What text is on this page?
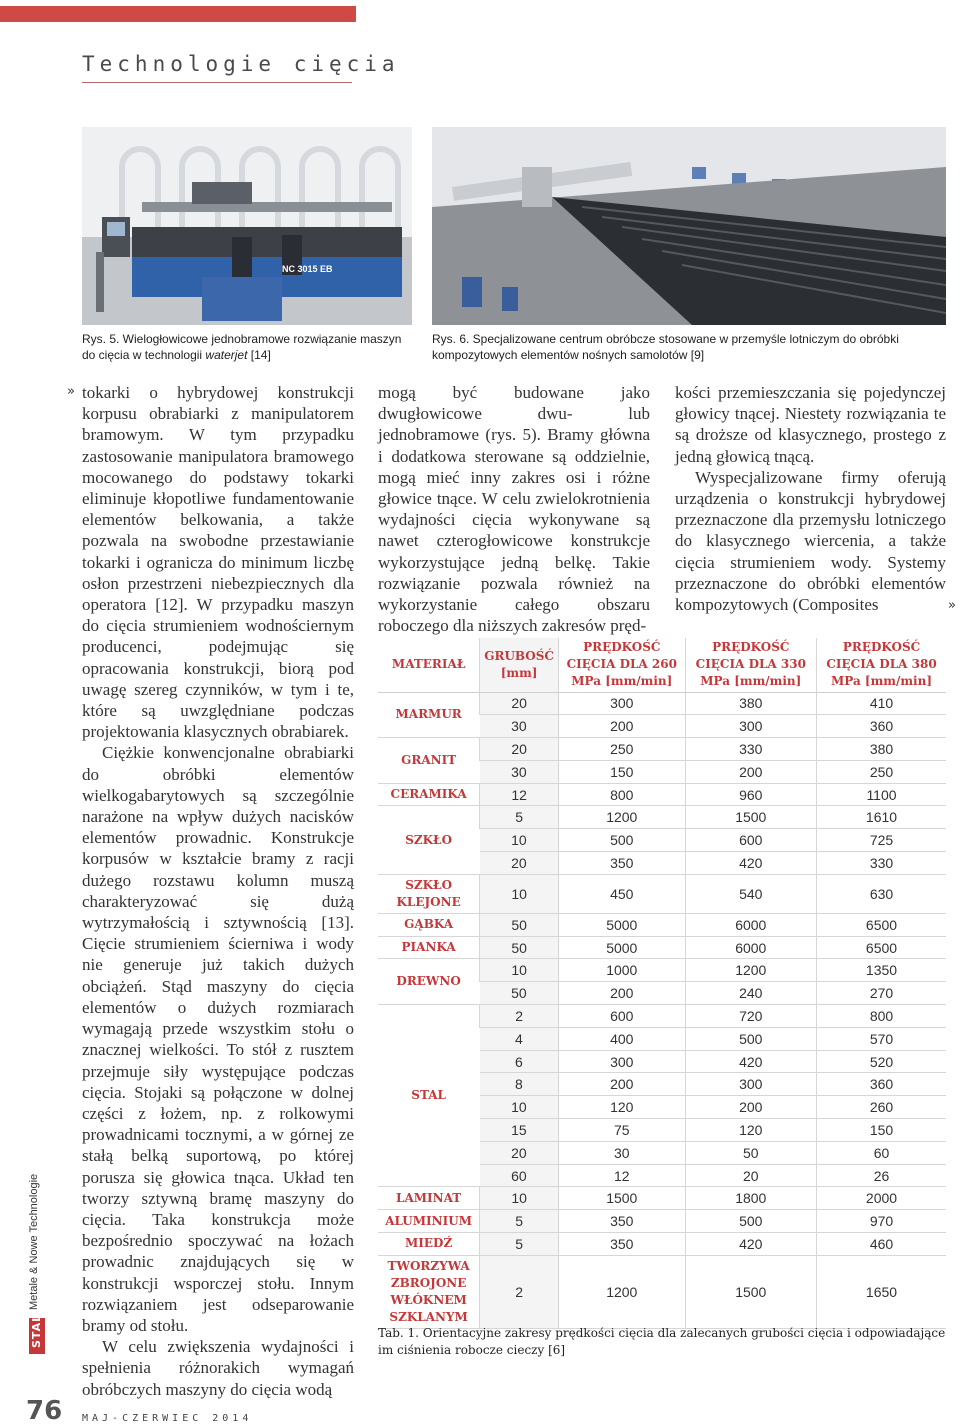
Technologie cięcia
NC 3015 EB
Rys. 5. Wielogłowicowe jednobramowe rozwiązanie maszyn do cięcia w technologii waterjet [14]
Rys. 6. Specjalizowane centrum obróbcze stosowane w przemyśle lotniczym do obróbki kompozytowych elementów nośnych samolotów [9]
» tokarki o hybrydowej konstrukcji korpusu obrabiarki z manipulatorem bramowym. W tym przypadku zastosowanie manipulatora bramowego mocowanego do podstawy tokarki eliminuje kłopotliwe fundamentowanie elementów belkowania, a także pozwala na swobodne przestawianie tokarki i ogranicza do minimum liczbę osłon przestrzeni niebezpiecznych dla operatora [12]. W przypadku maszyn do cięcia strumieniem wodnościernym producenci, podejmując się opracowania konstrukcji, biorą pod uwagę szereg czynników, w tym i te, które są uwzględniane podczas projektowania klasycznych obrabiarek.

Ciężkie konwencjonalne obrabiarki do obróbki elementów wielkogabarytowych są szczególnie narażone na wpływ dużych nacisków elementów prowadnic. Konstrukcje korpusów w kształcie bramy z racji dużego rozstawu kolumn muszą charakteryzować się dużą wytrzymałością i sztywnością [13]. Cięcie strumieniem ścierniwa i wody nie generuje już takich dużych obciążeń. Stąd maszyny do cięcia elementów o dużych rozmiarach wymagają przede wszystkim stołu o znacznej wielkości. To stół z rusztem przejmuje siły występujące podczas cięcia. Stojaki są połączone w dolnej części z łożem, np. z rolkowymi prowadnicami tocznymi, a w górnej ze stałą belką suportową, po której porusza się głowica tnąca. Układ ten tworzy sztywną bramę maszyny do cięcia. Taka konstrukcja może bezpośrednio spoczywać na łożach prowadnic znajdujących się w konstrukcji wsporczej stołu. Innym rozwiązaniem jest odseparowanie bramy od stołu.

W celu zwiększenia wydajności i spełnienia różnorakich wymagań obróbczych maszyny do cięcia wodą

mogą być budowane jako dwugłowicowe dwu- lub jednobramowe (rys. 5). Bramy główna i dodatkowa sterowane są oddzielnie, mogą mieć inny zakres osi i różne głowice tnące. W celu zwielokrotnienia wydajności cięcia wykonywane są nawet czterogłowicowe konstrukcje wykorzystujące jedną belkę. Takie rozwiązanie pozwala również na wykorzystanie całego obszaru roboczego dla niższych zakresów pręd-

kości przemieszczania się pojedynczej głowicy tnącej. Niestety rozwiązania te są droższe od klasycznego, prostego z jedną głowicą tnącą.

Wyspecjalizowane firmy oferują urządzenia o konstrukcji hybrydowej przeznaczone dla przemysłu lotniczego do klasycznego wiercenia, a także cięcia strumieniem wody. Systemy przeznaczone do obróbki elementów kompozytowych (Composites	»
MATERIAŁ	GRUBOŚĆ [mm]	PRĘDKOŚĆ CIĘCIA DLA 260 MPa [mm/min]	PRĘDKOŚĆ CIĘCIA DLA 330 MPa [mm/min]	PRĘDKOŚĆ CIĘCIA DLA 380 MPa [mm/min]
MARMUR	20	300	380	410
	30	200	300	360
GRANIT	20	250	330	380
	30	150	200	250
CERAMIKA	12	800	960	1100
SZKŁO	5	1200	1500	1610
	10	500	600	725
	20	350	420	330
SZKŁO KLEJONE	10	450	540	630
GĄBKA	50	5000	6000	6500
PIANKA	50	5000	6000	6500
DREWNO	10	1000	1200	1350
	50	200	240	270
STAL	2	600	720	800
	4	400	500	570
	6	300	420	520
	8	200	300	360
	10	120	200	260
	15	75	120	150
	20	30	50	60
	60	12	20	26
LAMINAT	10	1500	1800	2000
ALUMINIUM	5	350	500	970
MIEDŹ	5	350	420	460
TWORZYWA ZBROJONE WŁÓKNEM SZKLANYM	2	1200	1500	1650
Tab. 1. Orientacyjne zakresy prędkości cięcia dla zalecanych grubości cięcia i odpowiadające im ciśnienia robocze cieczy [6]
Metale & Nowe Technologie
STAL
76 MAJ-CZERWIEC 2014
